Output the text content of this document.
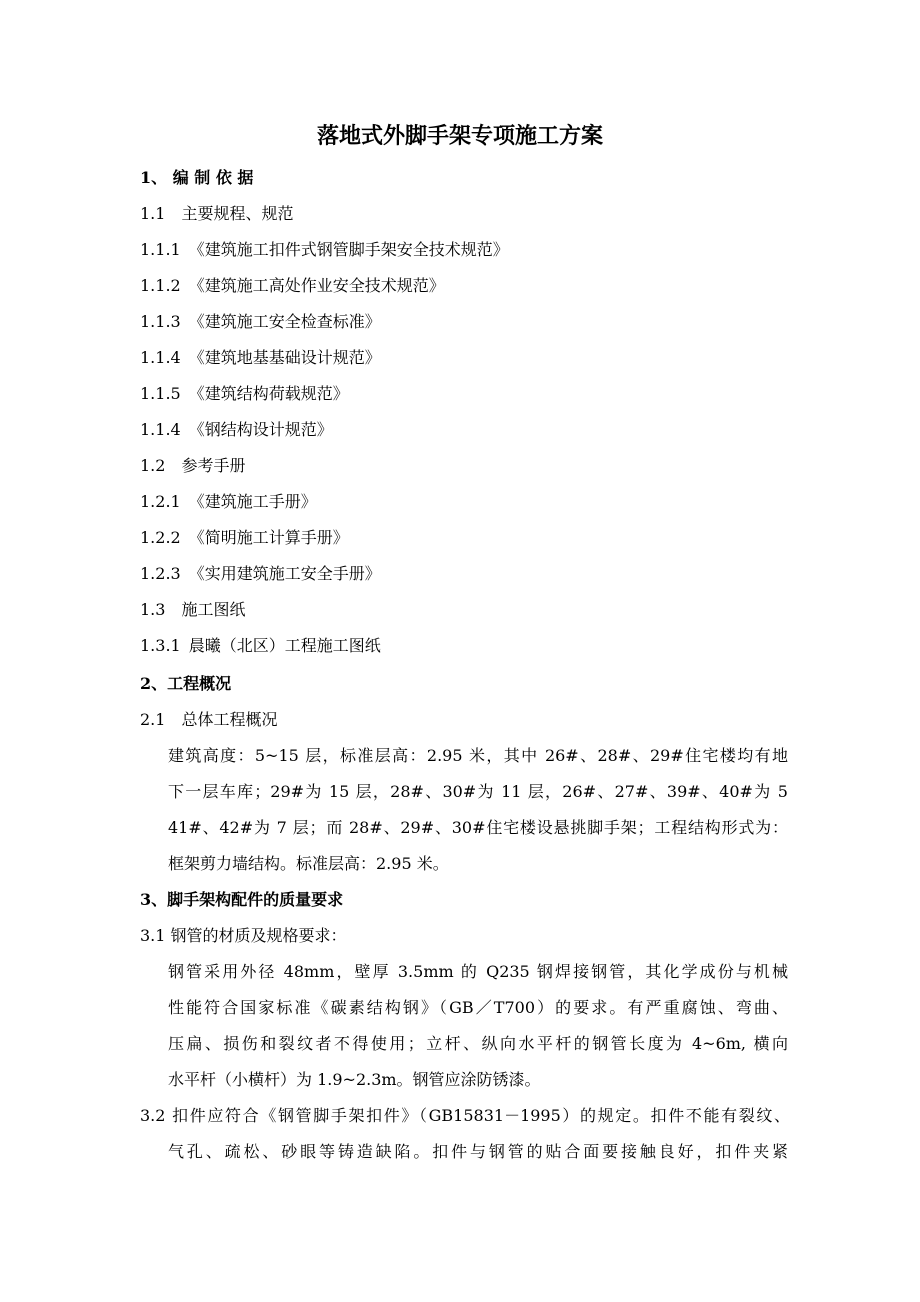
落地式外脚手架专项施工方案
1、 编 制 依 据
1.1 主要规程、规范
1.1.1 《建筑施工扣件式钢管脚手架安全技术规范》
1.1.2 《建筑施工高处作业安全技术规范》
1.1.3 《建筑施工安全检查标准》
1.1.4 《建筑地基基础设计规范》
1.1.5 《建筑结构荷载规范》
1.1.4 《钢结构设计规范》
1.2 参考手册
1.2.1 《建筑施工手册》
1.2.2 《简明施工计算手册》
1.2.3 《实用建筑施工安全手册》
1.3 施工图纸
1.3.1 晨曦（北区）工程施工图纸
2、工程概况
2.1 总体工程概况
建筑高度：5~15 层，标准层高：2.95 米，其中 26#、28#、29#住宅楼均有地
下一层车库；29#为 15 层，28#、30#为 11 层，26#、27#、39#、40#为 5
41#、42#为 7 层；而 28#、29#、30#住宅楼设悬挑脚手架；工程结构形式为：
框架剪力墙结构。标准层高：2.95 米。
3、脚手架构配件的质量要求
3.1 钢管的材质及规格要求：
钢管采用外径 48mm，壁厚 3.5mm 的 Q235 钢焊接钢管，其化学成份与机械
性能符合国家标准《碳素结构钢》（GB／T700）的要求。有严重腐蚀、弯曲、
压扁、损伤和裂纹者不得使用；立杆、纵向水平杆的钢管长度为 4~6m, 横向
水平杆（小横杆）为 1.9~2.3m。钢管应涂防锈漆。
3.2 扣件应符合《钢管脚手架扣件》（GB15831－1995）的规定。扣件不能有裂纹、
气孔、疏松、砂眼等铸造缺陷。扣件与钢管的贴合面要接触良好，扣件夹紧
